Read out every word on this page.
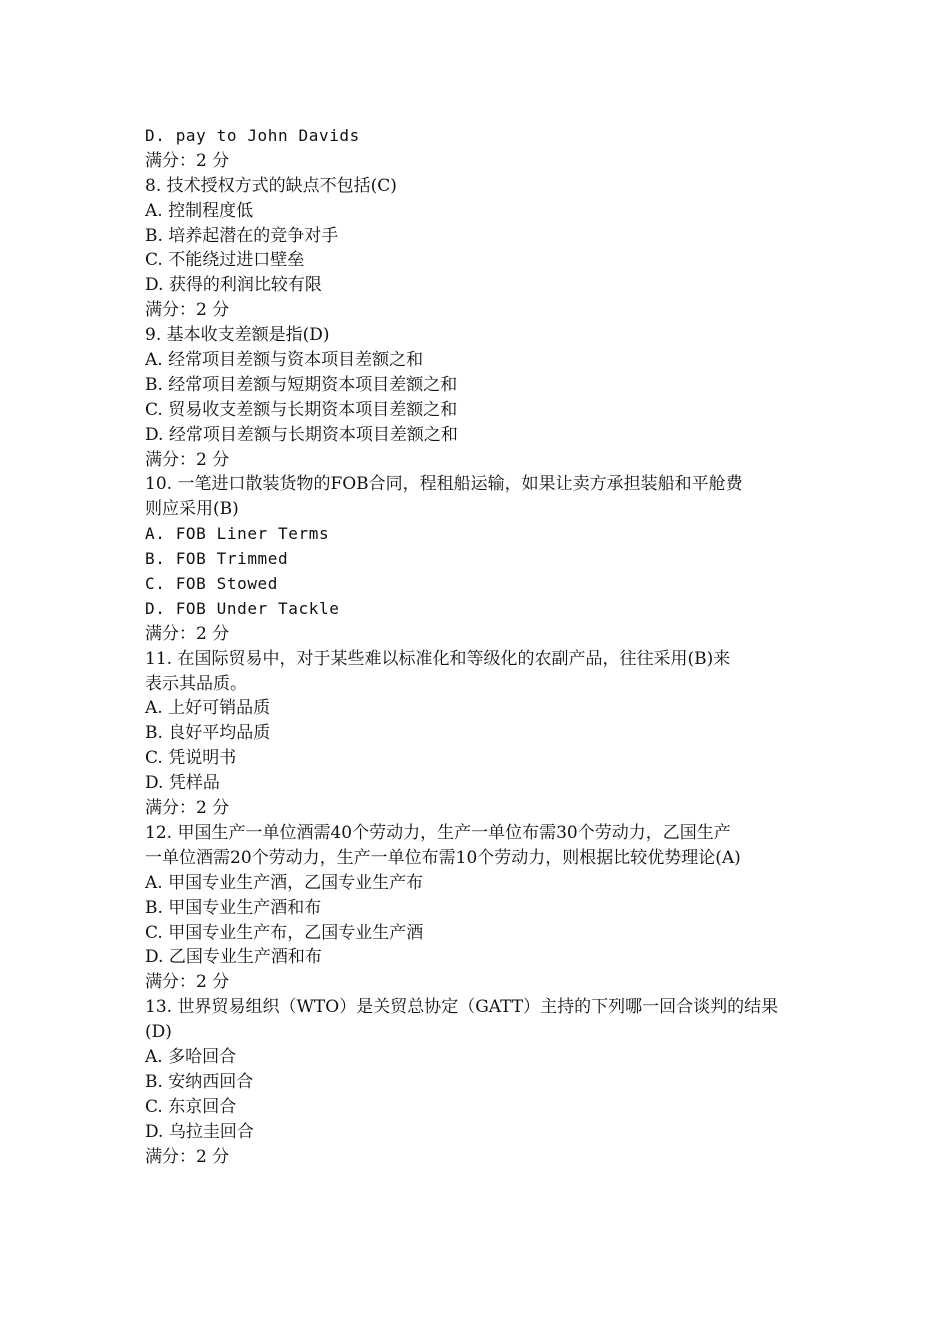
D. pay to John Davids
满分：2 分
8. 技术授权方式的缺点不包括(C)
A. 控制程度低
B. 培养起潜在的竞争对手
C. 不能绕过进口壁垒
D. 获得的利润比较有限
满分：2 分
9. 基本收支差额是指(D)
A. 经常项目差额与资本项目差额之和
B. 经常项目差额与短期资本项目差额之和
C. 贸易收支差额与长期资本项目差额之和
D. 经常项目差额与长期资本项目差额之和
满分：2 分
10. 一笔进口散装货物的FOB合同，程租船运输，如果让卖方承担装船和平舱费
则应采用(B)
A. FOB Liner Terms
B. FOB Trimmed
C. FOB Stowed
D. FOB Under Tackle
满分：2 分
11. 在国际贸易中，对于某些难以标准化和等级化的农副产品，往往采用(B)来
表示其品质。
A. 上好可销品质
B. 良好平均品质
C. 凭说明书
D. 凭样品
满分：2 分
12. 甲国生产一单位酒需40个劳动力，生产一单位布需30个劳动力，乙国生产
一单位酒需20个劳动力，生产一单位布需10个劳动力，则根据比较优势理论(A)
A. 甲国专业生产酒，乙国专业生产布
B. 甲国专业生产酒和布
C. 甲国专业生产布，乙国专业生产酒
D. 乙国专业生产酒和布
满分：2 分
13. 世界贸易组织（WTO）是关贸总协定（GATT）主持的下列哪一回合谈判的结果
(D)
A. 多哈回合
B. 安纳西回合
C. 东京回合
D. 乌拉圭回合
满分：2 分
